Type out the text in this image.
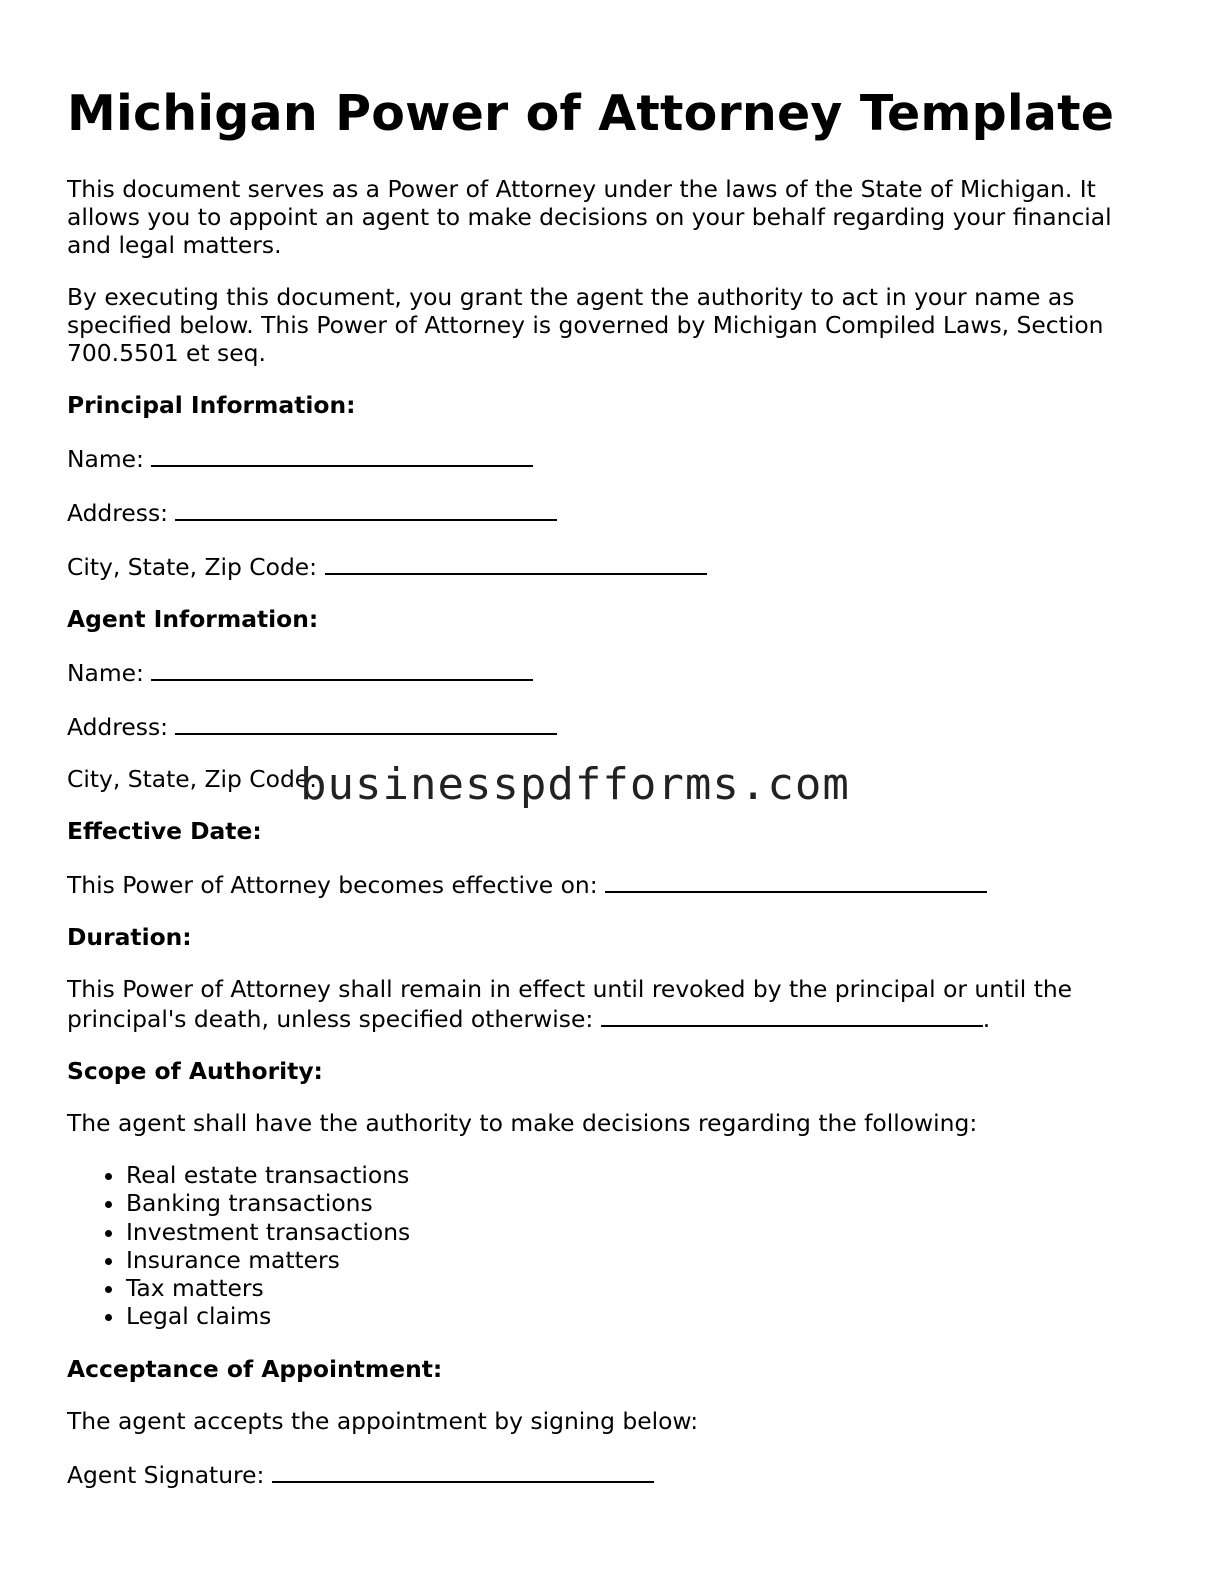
Michigan Power of Attorney Template

This document serves as a Power of Attorney under the laws of the State of Michigan. It allows you to appoint an agent to make decisions on your behalf regarding your financial and legal matters.

By executing this document, you grant the agent the authority to act in your name as specified below. This Power of Attorney is governed by Michigan Compiled Laws, Section 700.5501 et seq.

Principal Information:

Name:

Address:

City, State, Zip Code:

Agent Information:

Name:

Address:

City, State, Zip Code:

Effective Date:

This Power of Attorney becomes effective on:

Duration:

This Power of Attorney shall remain in effect until revoked by the principal or until the principal's death, unless specified otherwise:	.

Scope of Authority:

The agent shall have the authority to make decisions regarding the following:

• Real estate transactions
• Banking transactions
• Investment transactions
• Insurance matters
• Tax matters
• Legal claims

Acceptance of Appointment:

The agent accepts the appointment by signing below:

Agent Signature:

businesspdfforms.com
